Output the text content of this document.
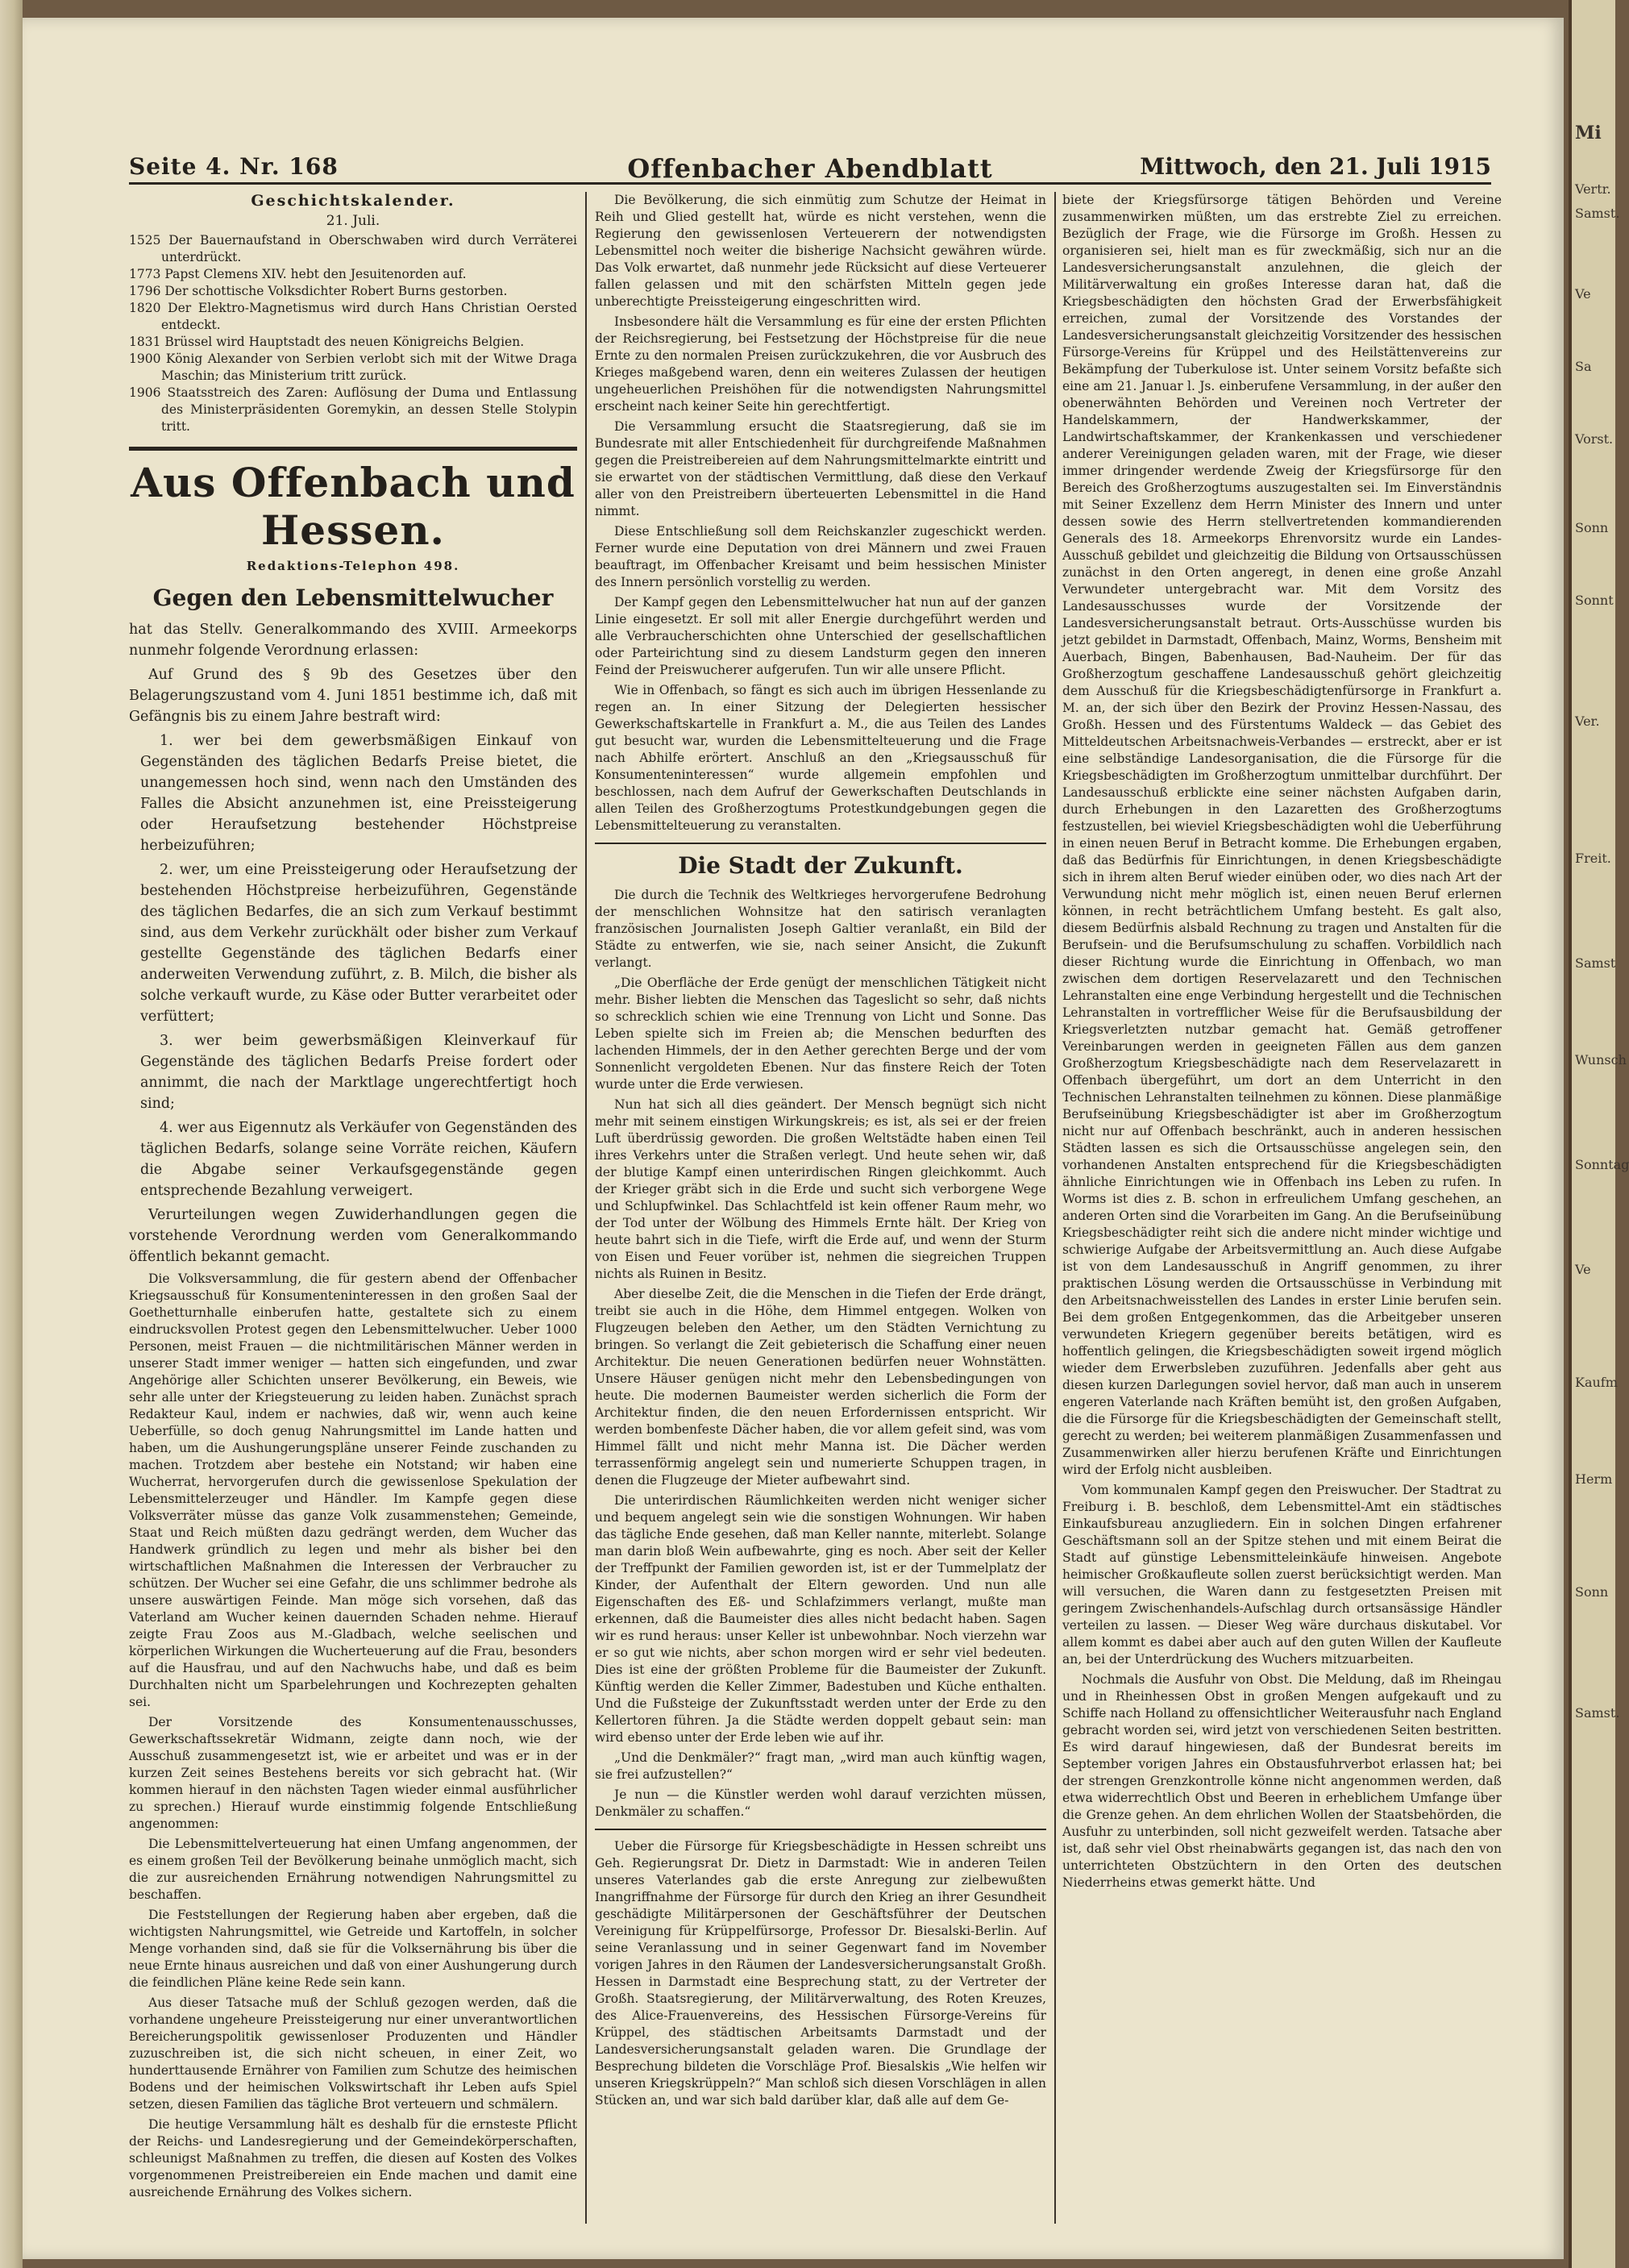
Seite 4. Nr. 168	Offenbacher Abendblatt	Mittwoch, den 21. Juli 1915
Geschichtskalender.
21. Juli.
1525 Der Bauernaufstand in Oberschwaben wird durch Verräterei unterdrückt.
1773 Papst Clemens XIV. hebt den Jesuitenorden auf.
1796 Der schottische Volksdichter Robert Burns gestorben.
1820 Der Elektro-Magnetismus wird durch Hans Christian Oersted entdeckt.
1831 Brüssel wird Hauptstadt des neuen Königreichs Belgien.
1900 König Alexander von Serbien verlobt sich mit der Witwe Draga Maschin; das Ministerium tritt zurück.
1906 Staatsstreich des Zaren: Auflösung der Duma und Entlassung des Ministerpräsidenten Goremykin, an dessen Stelle Stolypin tritt.
Aus Offenbach und Hessen.
Redaktions-Telephon 498.
Gegen den Lebensmittelwucher

hat das Stellv. Generalkommando des XVIII. Armeekorps nunmehr folgende Verordnung erlassen:

Auf Grund des § 9b des Gesetzes über den Belagerungszustand vom 4. Juni 1851 bestimme ich, daß mit Gefängnis bis zu einem Jahre bestraft wird:

1. wer bei dem gewerbsmäßigen Einkauf von Gegenständen des täglichen Bedarfs Preise bietet, die unangemessen hoch sind, wenn nach den Umständen des Falles die Absicht anzunehmen ist, eine Preissteigerung oder Heraufsetzung bestehender Höchstpreise herbeizuführen;

2. wer, um eine Preissteigerung oder Heraufsetzung der bestehenden Höchstpreise herbeizuführen, Gegenstände des täglichen Bedarfes, die an sich zum Verkauf bestimmt sind, aus dem Verkehr zurückhält oder bisher zum Verkauf gestellte Gegenstände des täglichen Bedarfs einer anderweiten Verwendung zuführt, z. B. Milch, die bisher als solche verkauft wurde, zu Käse oder Butter verarbeitet oder verfüttert;

3. wer beim gewerbsmäßigen Kleinverkauf für Gegenstände des täglichen Bedarfs Preise fordert oder annimmt, die nach der Marktlage ungerechtfertigt hoch sind;

4. wer aus Eigennutz als Verkäufer von Gegenständen des täglichen Bedarfs, solange seine Vorräte reichen, Käufern die Abgabe seiner Verkaufsgegenstände gegen entsprechende Bezahlung verweigert.

Verurteilungen wegen Zuwiderhandlungen gegen die vorstehende Verordnung werden vom Generalkommando öffentlich bekannt gemacht.

Die Volksversammlung, die für gestern abend der Offenbacher Kriegsausschuß für Konsumenteninteressen in den großen Saal der Goethetturnhalle einberufen hatte, gestaltete sich zu einem eindrucksvollen Protest gegen den Lebensmittelwucher. Ueber 1000 Personen, meist Frauen — die nichtmilitärischen Männer werden in unserer Stadt immer weniger — hatten sich eingefunden, und zwar Angehörige aller Schichten unserer Bevölkerung, ein Beweis, wie sehr alle unter der Kriegsteuerung zu leiden haben. Zunächst sprach Redakteur Kaul, indem er nachwies, daß wir, wenn auch keine Ueberfülle, so doch genug Nahrungsmittel im Lande hatten und haben, um die Aushungerungspläne unserer Feinde zuschanden zu machen. Trotzdem aber bestehe ein Notstand; wir haben eine Wucherrat, hervorgerufen durch die gewissenlose Spekulation der Lebensmittelerzeuger und Händler. Im Kampfe gegen diese Volksverräter müsse das ganze Volk zusammenstehen; Gemeinde, Staat und Reich müßten dazu gedrängt werden, dem Wucher das Handwerk gründlich zu legen und mehr als bisher bei den wirtschaftlichen Maßnahmen die Interessen der Verbraucher zu schützen. Der Wucher sei eine Gefahr, die uns schlimmer bedrohe als unsere auswärtigen Feinde. Man möge sich vorsehen, daß das Vaterland am Wucher keinen dauernden Schaden nehme. Hierauf zeigte Frau Zoos aus M.-Gladbach, welche seelischen und körperlichen Wirkungen die Wucherteuerung auf die Frau, besonders auf die Hausfrau, und auf den Nachwuchs habe, und daß es beim Durchhalten nicht um Sparbelehrungen und Kochrezepten gehalten sei.

Der Vorsitzende des Konsumentenausschusses, Gewerkschaftssekretär Widmann, zeigte dann noch, wie der Ausschuß zusammengesetzt ist, wie er arbeitet und was er in der kurzen Zeit seines Bestehens bereits vor sich gebracht hat. (Wir kommen hierauf in den nächsten Tagen wieder einmal ausführlicher zu sprechen.) Hierauf wurde einstimmig folgende Entschließung angenommen:

Die Lebensmittelverteuerung hat einen Umfang angenommen, der es einem großen Teil der Bevölkerung beinahe unmöglich macht, sich die zur ausreichenden Ernährung notwendigen Nahrungsmittel zu beschaffen.

Die Feststellungen der Regierung haben aber ergeben, daß die wichtigsten Nahrungsmittel, wie Getreide und Kartoffeln, in solcher Menge vorhanden sind, daß sie für die Volksernährung bis über die neue Ernte hinaus ausreichen und daß von einer Aushungerung durch die feindlichen Pläne keine Rede sein kann.

Aus dieser Tatsache muß der Schluß gezogen werden, daß die vorhandene ungeheure Preissteigerung nur einer unverantwortlichen Bereicherungspolitik gewissenloser Produzenten und Händler zuzuschreiben ist, die sich nicht scheuen, in einer Zeit, wo hunderttausende Ernährer von Familien zum Schutze des heimischen Bodens und der heimischen Volkswirtschaft ihr Leben aufs Spiel setzen, diesen Familien das tägliche Brot verteuern und schmälern.

Die heutige Versammlung hält es deshalb für die ernsteste Pflicht der Reichs- und Landesregierung und der Gemeindekörperschaften, schleunigst Maßnahmen zu treffen, die diesen auf Kosten des Volkes vorgenommenen Preistreibereien ein Ende machen und damit eine ausreichende Ernährung des Volkes sichern.

Die Bevölkerung, die sich einmütig zum Schutze der Heimat in Reih und Glied gestellt hat, würde es nicht verstehen, wenn die Regierung den gewissenlosen Verteuerern der notwendigsten Lebensmittel noch weiter die bisherige Nachsicht gewähren würde. Das Volk erwartet, daß nunmehr jede Rücksicht auf diese Verteuerer fallen gelassen und mit den schärfsten Mitteln gegen jede unberechtigte Preissteigerung eingeschritten wird.

Insbesondere hält die Versammlung es für eine der ersten Pflichten der Reichsregierung, bei Festsetzung der Höchstpreise für die neue Ernte zu den normalen Preisen zurückzukehren, die vor Ausbruch des Krieges maßgebend waren, denn ein weiteres Zulassen der heutigen ungeheuerlichen Preishöhen für die notwendigsten Nahrungsmittel erscheint nach keiner Seite hin gerechtfertigt.

Die Versammlung ersucht die Staatsregierung, daß sie im Bundesrate mit aller Entschiedenheit für durchgreifende Maßnahmen gegen die Preistreibereien auf dem Nahrungsmittelmarkte eintritt und sie erwartet von der städtischen Vermittlung, daß diese den Verkauf aller von den Preistreibern überteuerten Lebensmittel in die Hand nimmt.

Diese Entschließung soll dem Reichskanzler zugeschickt werden. Ferner wurde eine Deputation von drei Männern und zwei Frauen beauftragt, im Offenbacher Kreisamt und beim hessischen Minister des Innern persönlich vorstellig zu werden.

Der Kampf gegen den Lebensmittelwucher hat nun auf der ganzen Linie eingesetzt. Er soll mit aller Energie durchgeführt werden und alle Verbraucherschichten ohne Unterschied der gesellschaftlichen oder Parteirichtung sind zu diesem Landsturm gegen den inneren Feind der Preiswucherer aufgerufen. Tun wir alle unsere Pflicht.

Wie in Offenbach, so fängt es sich auch im übrigen Hessenlande zu regen an. In einer Sitzung der Delegierten hessischer Gewerkschaftskartelle in Frankfurt a. M., die aus Teilen des Landes gut besucht war, wurden die Lebensmittelteuerung und die Frage nach Abhilfe erörtert. Anschluß an den „Kriegsausschuß für Konsumenteninteressen“ wurde allgemein empfohlen und beschlossen, nach dem Aufruf der Gewerkschaften Deutschlands in allen Teilen des Großherzogtums Protestkundgebungen gegen die Lebensmittelteuerung zu veranstalten.

Die Stadt der Zukunft.

Die durch die Technik des Weltkrieges hervorgerufene Bedrohung der menschlichen Wohnsitze hat den satirisch veranlagten französischen Journalisten Joseph Galtier veranlaßt, ein Bild der Städte zu entwerfen, wie sie, nach seiner Ansicht, die Zukunft verlangt.

„Die Oberfläche der Erde genügt der menschlichen Tätigkeit nicht mehr. Bisher liebten die Menschen das Tageslicht so sehr, daß nichts so schrecklich schien wie eine Trennung von Licht und Sonne. Das Leben spielte sich im Freien ab; die Menschen bedurften des lachenden Himmels, der in den Aether gerechten Berge und der vom Sonnenlicht vergoldeten Ebenen. Nur das finstere Reich der Toten wurde unter die Erde verwiesen.

Nun hat sich all dies geändert. Der Mensch begnügt sich nicht mehr mit seinem einstigen Wirkungskreis; es ist, als sei er der freien Luft überdrüssig geworden. Die großen Weltstädte haben einen Teil ihres Verkehrs unter die Straßen verlegt. Und heute sehen wir, daß der blutige Kampf einen unterirdischen Ringen gleichkommt. Auch der Krieger gräbt sich in die Erde und sucht sich verborgene Wege und Schlupfwinkel. Das Schlachtfeld ist kein offener Raum mehr, wo der Tod unter der Wölbung des Himmels Ernte hält. Der Krieg von heute bahrt sich in die Tiefe, wirft die Erde auf, und wenn der Sturm von Eisen und Feuer vorüber ist, nehmen die siegreichen Truppen nichts als Ruinen in Besitz.

Aber dieselbe Zeit, die die Menschen in die Tiefen der Erde drängt, treibt sie auch in die Höhe, dem Himmel entgegen. Wolken von Flugzeugen beleben den Aether, um den Städten Vernichtung zu bringen. So verlangt die Zeit gebieterisch die Schaffung einer neuen Architektur. Die neuen Generationen bedürfen neuer Wohnstätten. Unsere Häuser genügen nicht mehr den Lebensbedingungen von heute. Die modernen Baumeister werden sicherlich die Form der Architektur finden, die den neuen Erfordernissen entspricht. Wir werden bombenfeste Dächer haben, die vor allem gefeit sind, was vom Himmel fällt und nicht mehr Manna ist. Die Dächer werden terrassenförmig angelegt sein und numerierte Schuppen tragen, in denen die Flugzeuge der Mieter aufbewahrt sind.

Die unterirdischen Räumlichkeiten werden nicht weniger sicher und bequem angelegt sein wie die sonstigen Wohnungen. Wir haben das tägliche Ende gesehen, daß man Keller nannte, miterlebt. Solange man darin bloß Wein aufbewahrte, ging es noch. Aber seit der Keller der Treffpunkt der Familien geworden ist, ist er der Tummelplatz der Kinder, der Aufenthalt der Eltern geworden. Und nun alle Eigenschaften des Eß- und Schlafzimmers verlangt, mußte man erkennen, daß die Baumeister dies alles nicht bedacht haben. Sagen wir es rund heraus: unser Keller ist unbewohnbar. Noch vierzehn war er so gut wie nichts, aber schon morgen wird er sehr viel bedeuten. Dies ist eine der größten Probleme für die Baumeister der Zukunft. Künftig werden die Keller Zimmer, Badestuben und Küche enthalten. Und die Fußsteige der Zukunftsstadt werden unter der Erde zu den Kellertoren führen. Ja die Städte werden doppelt gebaut sein: man wird ebenso unter der Erde leben wie auf ihr.

„Und die Denkmäler?“ fragt man, „wird man auch künftig wagen, sie frei aufzustellen?“

Je nun — die Künstler werden wohl darauf verzichten müssen, Denkmäler zu schaffen.“

Ueber die Fürsorge für Kriegsbeschädigte in Hessen schreibt uns Geh. Regierungsrat Dr. Dietz in Darmstadt: Wie in anderen Teilen unseres Vaterlandes gab die erste Anregung zur zielbewußten Inangriffnahme der Fürsorge für durch den Krieg an ihrer Gesundheit geschädigte Militärpersonen der Geschäftsführer der Deutschen Vereinigung für Krüppelfürsorge, Professor Dr. Biesalski-Berlin. Auf seine Veranlassung und in seiner Gegenwart fand im November vorigen Jahres in den Räumen der Landesversicherungsanstalt Großh. Hessen in Darmstadt eine Besprechung statt, zu der Vertreter der Großh. Staatsregierung, der Militärverwaltung, des Roten Kreuzes, des Alice-Frauenvereins, des Hessischen Fürsorge-Vereins für Krüppel, des städtischen Arbeitsamts Darmstadt und der Landesversicherungsanstalt geladen waren. Die Grundlage der Besprechung bildeten die Vorschläge Prof. Biesalskis „Wie helfen wir unseren Kriegskrüppeln?“ Man schloß sich diesen Vorschlägen in allen Stücken an, und war sich bald darüber klar, daß alle auf dem Ge-

biete der Kriegsfürsorge tätigen Behörden und Vereine zusammenwirken müßten, um das erstrebte Ziel zu erreichen. Bezüglich der Frage, wie die Fürsorge im Großh. Hessen zu organisieren sei, hielt man es für zweckmäßig, sich nur an die Landesversicherungsanstalt anzulehnen, die gleich der Militärverwaltung ein großes Interesse daran hat, daß die Kriegsbeschädigten den höchsten Grad der Erwerbsfähigkeit erreichen, zumal der Vorsitzende des Vorstandes der Landesversicherungsanstalt gleichzeitig Vorsitzender des hessischen Fürsorge-Vereins für Krüppel und des Heilstättenvereins zur Bekämpfung der Tuberkulose ist. Unter seinem Vorsitz befaßte sich eine am 21. Januar l. Js. einberufene Versammlung, in der außer den obenerwähnten Behörden und Vereinen noch Vertreter der Handelskammern, der Handwerkskammer, der Landwirtschaftskammer, der Krankenkassen und verschiedener anderer Vereinigungen geladen waren, mit der Frage, wie dieser immer dringender werdende Zweig der Kriegsfürsorge für den Bereich des Großherzogtums auszugestalten sei. Im Einverständnis mit Seiner Exzellenz dem Herrn Minister des Innern und unter dessen sowie des Herrn stellvertretenden kommandierenden Generals des 18. Armeekorps Ehrenvorsitz wurde ein Landes-Ausschuß gebildet und gleichzeitig die Bildung von Ortsausschüssen zunächst in den Orten angeregt, in denen eine große Anzahl Verwundeter untergebracht war. Mit dem Vorsitz des Landesausschusses wurde der Vorsitzende der Landesversicherungsanstalt betraut. Orts-Ausschüsse wurden bis jetzt gebildet in Darmstadt, Offenbach, Mainz, Worms, Bensheim mit Auerbach, Bingen, Babenhausen, Bad-Nauheim. Der für das Großherzogtum geschaffene Landesausschuß gehört gleichzeitig dem Ausschuß für die Kriegsbeschädigtenfürsorge in Frankfurt a. M. an, der sich über den Bezirk der Provinz Hessen-Nassau, des Großh. Hessen und des Fürstentums Waldeck — das Gebiet des Mitteldeutschen Arbeitsnachweis-Verbandes — erstreckt, aber er ist eine selbständige Landesorganisation, die die Fürsorge für die Kriegsbeschädigten im Großherzogtum unmittelbar durchführt. Der Landesausschuß erblickte eine seiner nächsten Aufgaben darin, durch Erhebungen in den Lazaretten des Großherzogtums festzustellen, bei wieviel Kriegsbeschädigten wohl die Ueberführung in einen neuen Beruf in Betracht komme. Die Erhebungen ergaben, daß das Bedürfnis für Einrichtungen, in denen Kriegsbeschädigte sich in ihrem alten Beruf wieder einüben oder, wo dies nach Art der Verwundung nicht mehr möglich ist, einen neuen Beruf erlernen können, in recht beträchtlichem Umfang besteht. Es galt also, diesem Bedürfnis alsbald Rechnung zu tragen und Anstalten für die Berufsein- und die Berufsumschulung zu schaffen. Vorbildlich nach dieser Richtung wurde die Einrichtung in Offenbach, wo man zwischen dem dortigen Reservelazarett und den Technischen Lehranstalten eine enge Verbindung hergestellt und die Technischen Lehranstalten in vortrefflicher Weise für die Berufsausbildung der Kriegsverletzten nutzbar gemacht hat. Gemäß getroffener Vereinbarungen werden in geeigneten Fällen aus dem ganzen Großherzogtum Kriegsbeschädigte nach dem Reservelazarett in Offenbach übergeführt, um dort an dem Unterricht in den Technischen Lehranstalten teilnehmen zu können. Diese planmäßige Berufseinübung Kriegsbeschädigter ist aber im Großherzogtum nicht nur auf Offenbach beschränkt, auch in anderen hessischen Städten lassen es sich die Ortsausschüsse angelegen sein, den vorhandenen Anstalten entsprechend für die Kriegsbeschädigten ähnliche Einrichtungen wie in Offenbach ins Leben zu rufen. In Worms ist dies z. B. schon in erfreulichem Umfang geschehen, an anderen Orten sind die Vorarbeiten im Gang. An die Berufseinübung Kriegsbeschädigter reiht sich die andere nicht minder wichtige und schwierige Aufgabe der Arbeitsvermittlung an. Auch diese Aufgabe ist von dem Landesausschuß in Angriff genommen, zu ihrer praktischen Lösung werden die Ortsausschüsse in Verbindung mit den Arbeitsnachweisstellen des Landes in erster Linie berufen sein. Bei dem großen Entgegenkommen, das die Arbeitgeber unseren verwundeten Kriegern gegenüber bereits betätigen, wird es hoffentlich gelingen, die Kriegsbeschädigten soweit irgend möglich wieder dem Erwerbsleben zuzuführen. Jedenfalls aber geht aus diesen kurzen Darlegungen soviel hervor, daß man auch in unserem engeren Vaterlande nach Kräften bemüht ist, den großen Aufgaben, die die Fürsorge für die Kriegsbeschädigten der Gemeinschaft stellt, gerecht zu werden; bei weiterem planmäßigen Zusammenfassen und Zusammenwirken aller hierzu berufenen Kräfte und Einrichtungen wird der Erfolg nicht ausbleiben.

Vom kommunalen Kampf gegen den Preiswucher. Der Stadtrat zu Freiburg i. B. beschloß, dem Lebensmittel-Amt ein städtisches Einkaufsbureau anzugliedern. Ein in solchen Dingen erfahrener Geschäftsmann soll an der Spitze stehen und mit einem Beirat die Stadt auf günstige Lebensmitteleinkäufe hinweisen. Angebote heimischer Großkaufleute sollen zuerst berücksichtigt werden. Man will versuchen, die Waren dann zu festgesetzten Preisen mit geringem Zwischenhandels-Aufschlag durch ortsansässige Händler verteilen zu lassen. — Dieser Weg wäre durchaus diskutabel. Vor allem kommt es dabei aber auch auf den guten Willen der Kaufleute an, bei der Unterdrückung des Wuchers mitzuarbeiten.

Nochmals die Ausfuhr von Obst. Die Meldung, daß im Rheingau und in Rheinhessen Obst in großen Mengen aufgekauft und zu Schiffe nach Holland zu offensichtlicher Weiterausfuhr nach England gebracht worden sei, wird jetzt von verschiedenen Seiten bestritten. Es wird darauf hingewiesen, daß der Bundesrat bereits im September vorigen Jahres ein Obstausfuhrverbot erlassen hat; bei der strengen Grenzkontrolle könne nicht angenommen werden, daß etwa widerrechtlich Obst und Beeren in erheblichem Umfange über die Grenze gehen. An dem ehrlichen Wollen der Staatsbehörden, die Ausfuhr zu unterbinden, soll nicht gezweifelt werden. Tatsache aber ist, daß sehr viel Obst rheinabwärts gegangen ist, das nach den von unterrichteten Obstzüchtern in den Orten des deutschen Niederrheins etwas gemerkt hätte. Und

Mi
Vertr.
Samst.
Ve
Sa
Vorst.
Sonn
Sonnt
Ver.
Freit.
Samst
Wunsch
Sonntag
Ve
Kaufm
Herm
Sonn
Samst.
